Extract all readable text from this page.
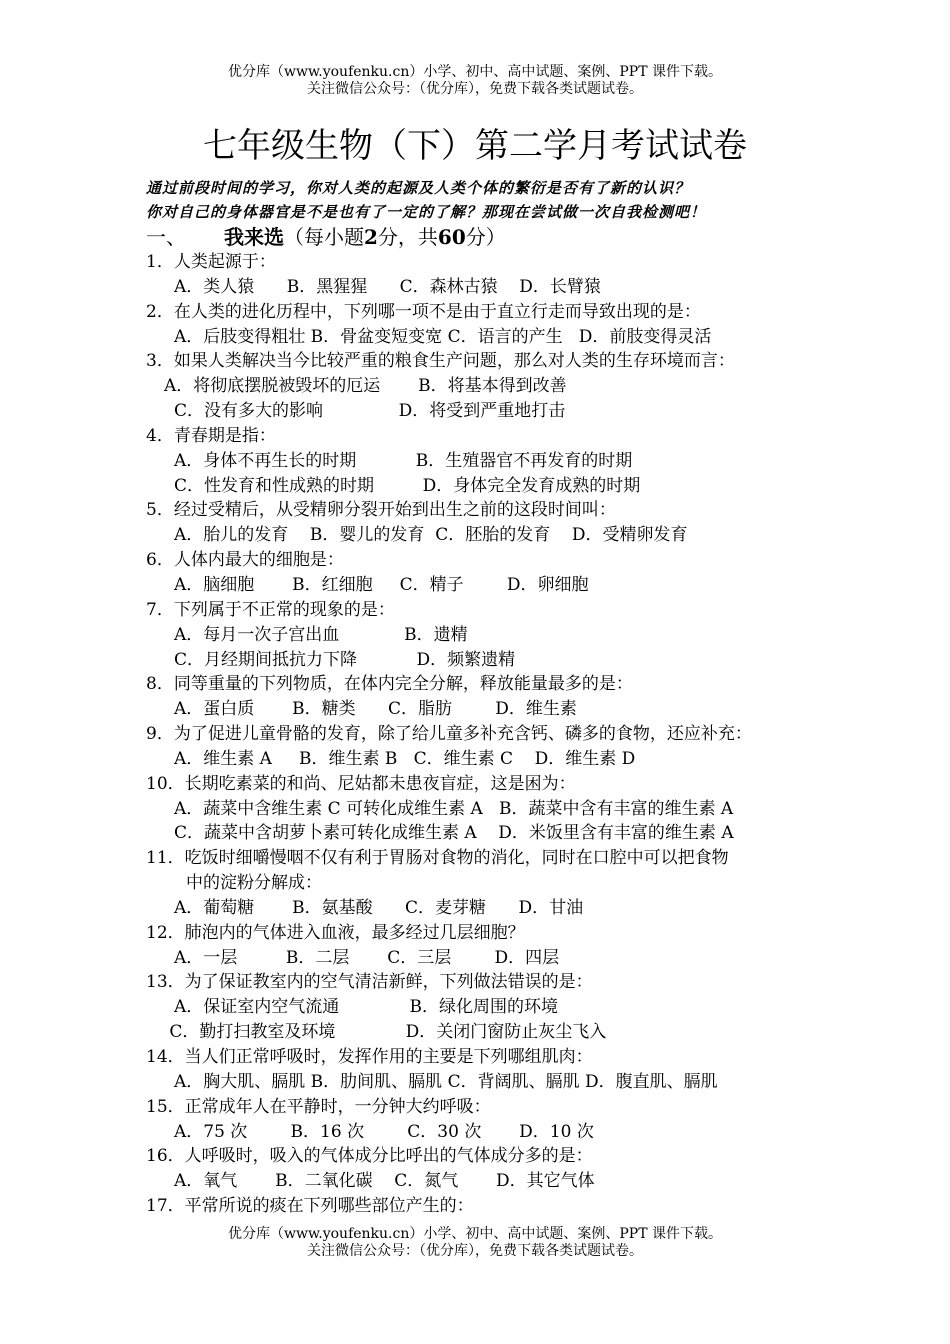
优分库（www.youfenku.cn）小学、初中、高中试题、案例、PPT 课件下载。
关注微信公众号：（优分库），免费下载各类试题试卷。
七年级生物（下）第二学月考试试卷
通过前段时间的学习，你对人类的起源及人类个体的繁衍是否有了新的认识？
你对自己的身体器官是不是也有了一定的了解？那现在尝试做一次自我检测吧！
一、 我来选（每小题2分，共60分）
1．人类起源于：
A．类人猿      B．黑猩猩      C．森林古猿    D．长臂猿
2．在人类的进化历程中，下列哪一项不是由于直立行走而导致出现的是：
A．后肢变得粗壮 B．骨盆变短变宽 C．语言的产生   D．前肢变得灵活
3．如果人类解决当今比较严重的粮食生产问题，那么对人类的生存环境而言：
A．将彻底摆脱被毁坏的厄运       B．将基本得到改善
C．没有多大的影响              D．将受到严重地打击
4．青春期是指：
A．身体不再生长的时期           B．生殖器官不再发育的时期
C．性发育和性成熟的时期         D．身体完全发育成熟的时期
5．经过受精后，从受精卵分裂开始到出生之前的这段时间叫：
A．胎儿的发育    B．婴儿的发育  C．胚胎的发育    D．受精卵发育
6．人体内最大的细胞是：
A．脑细胞       B．红细胞     C．精子        D．卵细胞
7．下列属于不正常的现象的是：
A．每月一次子宫出血            B．遗精
C．月经期间抵抗力下降           D．频繁遗精
8．同等重量的下列物质，在体内完全分解，释放能量最多的是：
A．蛋白质       B．糖类      C．脂肪        D．维生素
9．为了促进儿童骨骼的发育，除了给儿童多补充含钙、磷多的食物，还应补充：
A．维生素 A     B．维生素 B   C．维生素 C    D．维生素 D
10．长期吃素菜的和尚、尼姑都未患夜盲症，这是困为：
A．蔬菜中含维生素 C 可转化成维生素 A   B．蔬菜中含有丰富的维生素 A
C．蔬菜中含胡萝卜素可转化成维生素 A    D．米饭里含有丰富的维生素 A
11．吃饭时细嚼慢咽不仅有利于胃肠对食物的消化，同时在口腔中可以把食物
中的淀粉分解成：
A．葡萄糖       B．氨基酸      C．麦芽糖      D．甘油
12．肺泡内的气体进入血液，最多经过几层细胞？
A．一层         B．二层       C．三层        D．四层
13．为了保证教室内的空气清洁新鲜，下列做法错误的是：
A．保证室内空气流通             B．绿化周围的环境
C．勤打扫教室及环境             D．关闭门窗防止灰尘飞入
14．当人们正常呼吸时，发挥作用的主要是下列哪组肌肉：
A．胸大肌、膈肌 B．肋间肌、膈肌 C．背阔肌、膈肌 D．腹直肌、膈肌
15．正常成年人在平静时，一分钟大约呼吸：
A．75 次        B．16 次        C．30 次       D．10 次
16．人呼吸时，吸入的气体成分比呼出的气体成分多的是：
A．氧气       B．二氧化碳    C．氮气       D．其它气体
17．平常所说的痰在下列哪些部位产生的：
优分库（www.youfenku.cn）小学、初中、高中试题、案例、PPT 课件下载。
关注微信公众号：（优分库），免费下载各类试题试卷。
